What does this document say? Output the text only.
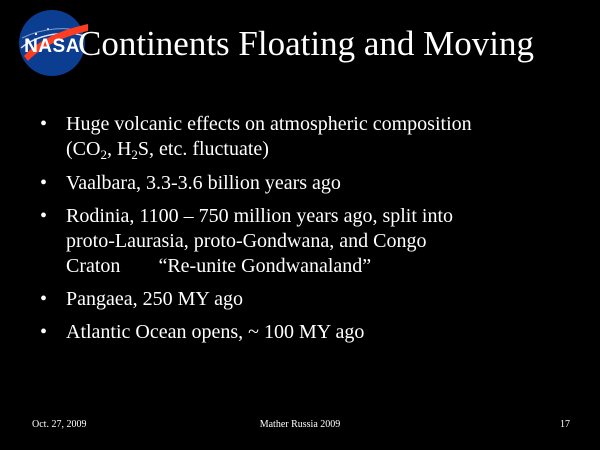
NASA
Continents Floating and Moving
• Huge volcanic effects on atmospheric composition
($CO_2$, $H_2S$, etc. fluctuate)
• Vaalbara, 3.3-3.6 billion years ago
• Rodinia, 1100 – 750 million years ago, split into
proto-Laurasia, proto-Gondwana, and Congo
Craton “Re-unite Gondwanaland”
• Pangaea, 250 MY ago
• Atlantic Ocean opens, ~ 100 MY ago
Oct. 27, 2009	Mather Russia 2009	17
